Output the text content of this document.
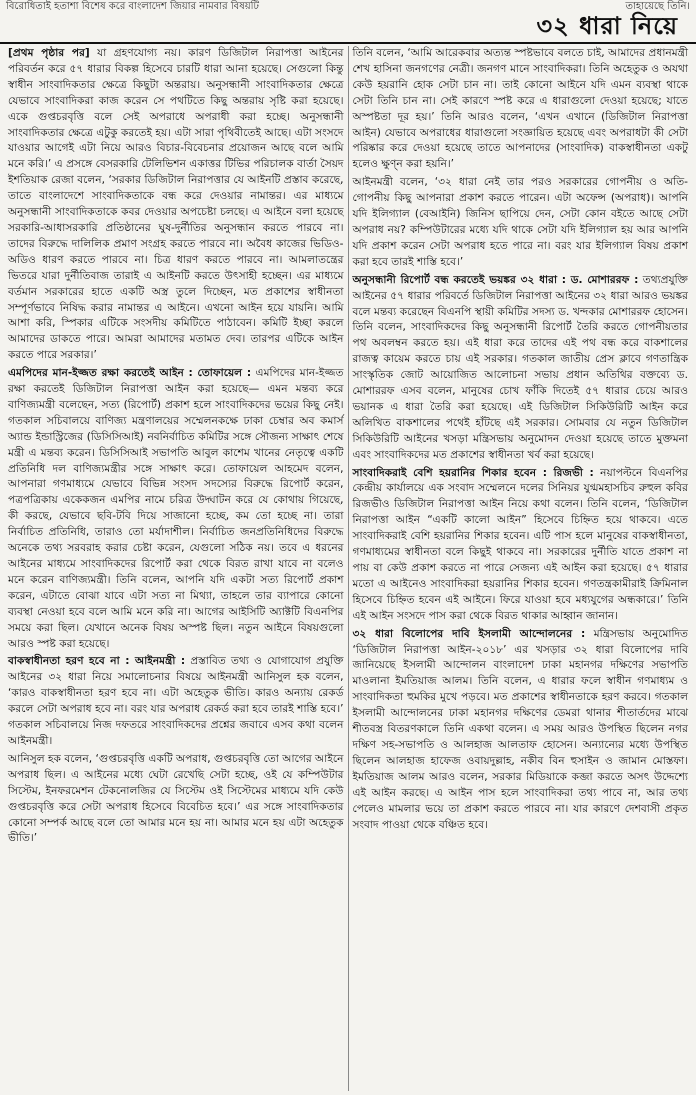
বিরোধিতাই হতাশা বিশেষ করে বাংলাদেশ জিয়ার নামবার বিষয়টি	তাহায়েছে তিনি।
৩২ ধারা নিয়ে

[প্রথম পৃষ্ঠার পর] যা গ্রহণযোগ্য নয়। কারণ ডিজিটাল নিরাপত্তা আইনের পরিবর্তন করে ৫৭ ধারার বিকল্প হিসেবে চারটি ধারা আনা হয়েছে। সেগুলো কিন্তু স্বাধীন সাংবাদিকতার ক্ষেত্রে কিছুটা অন্তরায়। অনুসন্ধানী সাংবাদিকতার ক্ষেত্রে যেভাবে সাংবাদিকরা কাজ করেন সে পথটিতে কিছু অন্তরায় সৃষ্টি করা হয়েছে। একে গুপ্তচরবৃত্তি বলে সেই অপরাধে অপরাধী করা হচ্ছে। অনুসন্ধানী সাংবাদিকতার ক্ষেত্রে এটুকু করতেই হয়। এটা সারা পৃথিবীতেই আছে। এটা সংসদে যাওয়ার আগেই এটা নিয়ে আরও বিচার-বিবেচনার প্রয়োজন আছে বলে আমি মনে করি।’ এ প্রসঙ্গে বেসরকারি টেলিভিশন একাত্তর টিভির পরিচালক বার্তা সৈয়দ ইশতিয়াক রেজা বলেন, ‘সরকার ডিজিটাল নিরাপত্তার যে আইনটি প্রস্তাব করেছে, তাতে বাংলাদেশে সাংবাদিকতাকে বন্ধ করে দেওয়ার নামান্তর। এর মাধ্যমে অনুসন্ধানী সাংবাদিকতাকে কবর দেওয়ার অপচেষ্টা চলছে। এ আইনে বলা হয়েছে সরকারি-আধাসরকারি প্রতিষ্ঠানের ঘুষ-দুর্নীতির অনুসন্ধান করতে পারবে না। তাদের বিরুদ্ধে দালিলিক প্রমাণ সংগ্রহ করতে পারবে না। অবৈধ কাজের ভিডিও-অডিও ধারণ করতে পারবে না। চিত্র ধারণ করতে পারবে না। আমলাতন্ত্রের ভিতরে যারা দুর্নীতিবাজ তারাই এ আইনটি করতে উৎসাহী হচ্ছেন। এর মাধ্যমে বর্তমান সরকারের হাতে একটি অস্ত্র তুলে দিচ্ছেন, মত প্রকাশের স্বাধীনতা সম্পূর্ণভাবে নিষিদ্ধ করার নামান্তর এ আইনে। এখনো আইন হয়ে যায়নি। আমি আশা করি, স্পিকার এটিকে সংসদীয় কমিটিতে পাঠাবেন। কমিটি ইচ্ছা করলে আমাদের ডাকতে পারে। আমরা আমাদের মতামত দেব। তারপর এটিকে আইন করতে পারে সরকার।’

এমপিদের মান-ইজ্জত রক্ষা করতেই আইন : তোফায়েল : এমপিদের মান-ইজ্জত রক্ষা করতেই ডিজিটাল নিরাপত্তা আইন করা হয়েছে— এমন মন্তব্য করে বাণিজ্যমন্ত্রী বলেছেন, সত্য (রিপোর্ট) প্রকাশ হলে সাংবাদিকদের ভয়ের কিছু নেই। গতকাল সচিবালয়ে বাণিজ্য মন্ত্রণালয়ের সম্মেলনকক্ষে ঢাকা চেম্বার অব কমার্স অ্যান্ড ইন্ডাস্ট্রিজের (ডিসিসিআই) নবনির্বাচিত কমিটির সঙ্গে সৌজন্য সাক্ষাৎ শেষে মন্ত্রী এ মন্তব্য করেন। ডিসিসিআই সভাপতি আবুল কাশেম খানের নেতৃত্বে একটি প্রতিনিধি দল বাণিজ্যমন্ত্রীর সঙ্গে সাক্ষাৎ করে। তোফায়েল আহমেদ বলেন, আপনারা গণমাধ্যমে যেভাবে বিভিন্ন সংসদ সদস্যের বিরুদ্ধে রিপোর্ট করেন, পত্রপত্রিকায় একেকজন এমপির নামে চরিত্র উদ্ঘাটন করে যে কোথায় গিয়েছে, কী করছে, যেভাবে ছবি-টবি দিয়ে সাজানো হচ্ছে, কম তো হচ্ছে না। তারা নির্বাচিত প্রতিনিধি, তারাও তো মর্যাদাশীল। নির্বাচিত জনপ্রতিনিধিদের বিরুদ্ধে অনেকে তথ্য সরবরাহ করার চেষ্টা করেন, যেগুলো সঠিক নয়। তবে এ ধরনের আইনের মাধ্যমে সাংবাদিকদের রিপোর্ট করা থেকে বিরত রাখা যাবে না বলেও মনে করেন বাণিজ্যমন্ত্রী। তিনি বলেন, আপনি যদি একটা সত্য রিপোর্ট প্রকাশ করেন, এটাতে বোঝা যাবে এটা সত্য না মিথ্যা, তাহলে তার ব্যাপারে কোনো ব্যবস্থা নেওয়া হবে বলে আমি মনে করি না। আগের আইসিটি অ্যাক্টটি বিএনপির সময়ে করা ছিল। যেখানে অনেক বিষয় অস্পষ্ট ছিল। নতুন আইনে বিষয়গুলো আরও স্পষ্ট করা হয়েছে।

বাকস্বাধীনতা হরণ হবে না : আইনমন্ত্রী : প্রস্তাবিত তথ্য ও যোগাযোগ প্রযুক্তি আইনের ৩২ ধারা নিয়ে সমালোচনার বিষয়ে আইনমন্ত্রী আনিসুল হক বলেন, ‘কারও বাকস্বাধীনতা হরণ হবে না। এটা অহেতুক ভীতি। কারও অন্যায় রেকর্ড করলে সেটা অপরাধ হবে না। বরং যার অপরাধ রেকর্ড করা হবে তারই শাস্তি হবে।’ গতকাল সচিবালয়ে নিজ দফতরে সাংবাদিকদের প্রশ্নের জবাবে এসব কথা বলেন আইনমন্ত্রী।

আনিসুল হক বলেন, ‘গুপ্তচরবৃত্তি একটি অপরাধ, গুপ্তচরবৃত্তি তো আগের আইনে অপরাধ ছিল। এ আইনের মধ্যে ঘেটা রেখেছি সেটা হচ্ছে, ওই যে কম্পিউটার সিস্টেম, ইনফরমেশন টেকনোলজির যে সিস্টেম ওই সিস্টেমের মাধ্যমে যদি কেউ গুপ্তচরবৃত্তি করে সেটা অপরাধ হিসেবে বিবেচিত হবে।’ এর সঙ্গে সাংবাদিকতার কোনো সম্পর্ক আছে বলে তো আমার মনে হয় না। আমার মনে হয় এটা অহেতুক ভীতি।’

তিনি বলেন, ‘আমি আরেকবার অত্যন্ত স্পষ্টভাবে বলতে চাই, আমাদের প্রধানমন্ত্রী শেখ হাসিনা জনগণের নেত্রী। জনগণ মানে সাংবাদিকরা। তিনি অহেতুক ও অযথা কেউ হয়রানি হোক সেটা চান না। তাই কোনো আইনে যদি এমন ব্যবস্থা থাকে সেটা তিনি চান না। সেই কারণে স্পষ্ট করে এ ধারাগুলো দেওয়া হয়েছে; যাতে অস্পষ্টতা দূর হয়।’ তিনি আরও বলেন, ‘এখন এখানে (ডিজিটাল নিরাপত্তা আইন) যেভাবে অপরাধের ধারাগুলো সংজ্ঞায়িত হয়েছে এবং অপরাধটা কী সেটা পরিষ্কার করে দেওয়া হয়েছে তাতে আপনাদের (সাংবাদিক) বাকস্বাধীনতা একটু হলেও ক্ষুণ্ন করা হয়নি।’

আইনমন্ত্রী বলেন, ‘৩২ ধারা নেই তার পরও সরকারের গোপনীয় ও অতি-গোপনীয় কিছু আপনারা প্রকাশ করতে পারেন। এটা অফেন্স (অপরাধ)। আপনি যদি ইলিগ্যাল (বেআইনি) জিনিস ছাপিয়ে দেন, সেটা কোন বইতে আছে সেটা অপরাধ নয়? কম্পিউটারের মধ্যে যদি থাকে সেটা যদি ইলিগ্যাল হয় আর আপনি যদি প্রকাশ করেন সেটা অপরাধ হতে পারে না। বরং যার ইলিগ্যাল বিষয় প্রকাশ করা হবে তারই শাস্তি হবে।’

অনুসন্ধানী রিপোর্ট বন্ধ করতেই ভয়ঙ্কর ৩২ ধারা : ড. মোশাররফ : তথ্যপ্রযুক্তি আইনের ৫৭ ধারার পরিবর্তে ডিজিটাল নিরাপত্তা আইনের ৩২ ধারা আরও ভয়ঙ্কর বলে মন্তব্য করেছেন বিএনপি স্থায়ী কমিটির সদস্য ড. খন্দকার মোশাররফ হোসেন। তিনি বলেন, সাংবাদিকদের কিছু অনুসন্ধানী রিপোর্ট তৈরি করতে গোপনীয়তার পথ অবলম্বন করতে হয়। এই ধারা করে তাদের এই পথ বন্ধ করে বাকশালের রাজত্ব কায়েম করতে চায় এই সরকার। গতকাল জাতীয় প্রেস ক্লাবে গণতান্ত্রিক সাংস্কৃতিক জোট আয়োজিত আলোচনা সভায় প্রধান অতিথির বক্তব্যে ড. মোশাররফ এসব বলেন, মানুষের চোখ ফাঁকি দিতেই ৫৭ ধারার চেয়ে আরও ভয়ানক এ ধারা তৈরি করা হয়েছে। এই ডিজিটাল সিকিউরিটি আইন করে অলিখিত বাকশালের পথেই হাঁটছে এই সরকার। সোমবার যে নতুন ডিজিটাল সিকিউরিটি আইনের খসড়া মন্ত্রিসভায় অনুমোদন দেওয়া হয়েছে তাতে মুক্তমনা এবং সাংবাদিকদের মত প্রকাশের স্বাধীনতা খর্ব করা হয়েছে।

সাংবাদিকরাই বেশি হয়রানির শিকার হবেন : রিজভী : নয়াপল্টনে বিএনপির কেন্দ্রীয় কার্যালয়ে এক সংবাদ সম্মেলনে দলের সিনিয়র যুগ্মমহাসচিব রুহুল কবির রিজভীও ডিজিটাল নিরাপত্তা আইন নিয়ে কথা বলেন। তিনি বলেন, ‘ডিজিটাল নিরাপত্তা আইন “একটি কালো আইন” হিসেবে চিহ্নিত হয়ে থাকবে। এতে সাংবাদিকরাই বেশি হয়রানির শিকার হবেন। এটি পাস হলে মানুষের বাকস্বাধীনতা, গণমাধ্যমের স্বাধীনতা বলে কিছুই থাকবে না। সরকারের দুর্নীতি যাতে প্রকাশ না পায় বা কেউ প্রকাশ করতে না পারে সেজন্য এই আইন করা হয়েছে। ৫৭ ধারার মতো এ আইনেও সাংবাদিকরা হয়রানির শিকার হবেন। গণতন্ত্রকামীরাই ক্রিমিনাল হিসেবে চিহ্নিত হবেন এই আইনে। ফিরে যাওয়া হবে মধ্যযুগের অন্ধকারে।’ তিনি এই আইন সংসদে পাস করা থেকে বিরত থাকার আহ্বান জানান।

৩২ ধারা বিলোপের দাবি ইসলামী আন্দোলনের : মন্ত্রিসভায় অনুমোদিত ‘ডিজিটাল নিরাপত্তা আইন-২০১৮’ এর খসড়ার ৩২ ধারা বিলোপের দাবি জানিয়েছে ইসলামী আন্দোলন বাংলাদেশ ঢাকা মহানগর দক্ষিণের সভাপতি মাওলানা ইমতিয়াজ আলম। তিনি বলেন, এ ধারার ফলে স্বাধীন গণমাধ্যম ও সাংবাদিকতা হুমকির মুখে পড়বে। মত প্রকাশের স্বাধীনতাকে হরণ করবে। গতকাল ইসলামী আন্দোলনের ঢাকা মহানগর দক্ষিণের ডেমরা থানার শীতার্তদের মাঝে শীতবস্ত্র বিতরণকালে তিনি একথা বলেন। এ সময় আরও উপস্থিত ছিলেন নগর দক্ষিণ সহ-সভাপতি ও আলহাজ আলতাফ হোসেন। অন্যান্যের মধ্যে উপস্থিত ছিলেন আলহাজ হাফেজ ওবায়দুল্লাহ, নকীব বিন হুসাইন ও জামান মোস্তফা। ইমতিয়াজ আলম আরও বলেন, সরকার মিডিয়াকে কব্জা করতে অসৎ উদ্দেশ্যে এই আইন করছে। এ আইন পাস হলে সাংবাদিকরা তথ্য পাবে না, আর তথ্য পেলেও মামলার ভয়ে তা প্রকাশ করতে পারবে না। যার কারণে দেশবাসী প্রকৃত সংবাদ পাওয়া থেকে বঞ্চিত হবে।
